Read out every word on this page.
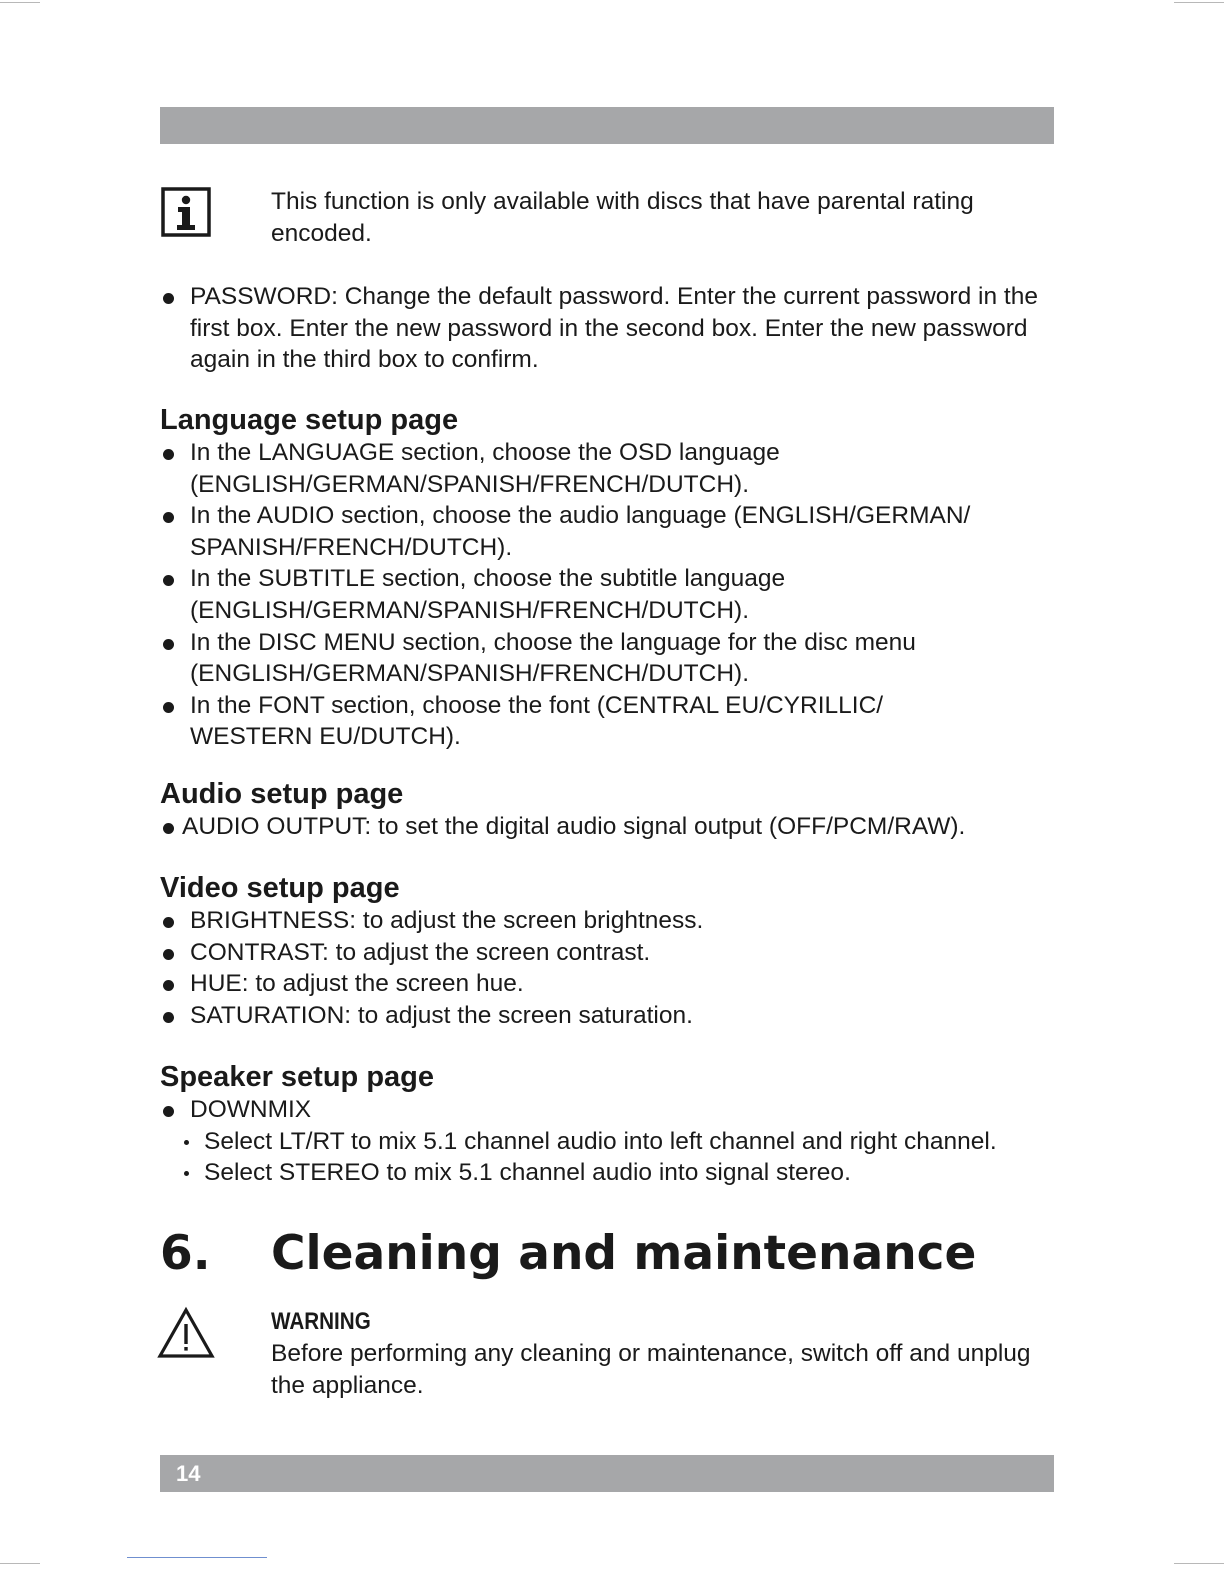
This function is only available with discs that have parental rating encoded.

PASSWORD: Change the default password. Enter the current password in the first box. Enter the new password in the second box. Enter the new password again in the third box to confirm.
Language setup page
In the LANGUAGE section, choose the OSD language
(ENGLISH/GERMAN/SPANISH/FRENCH/DUTCH).
In the AUDIO section, choose the audio language (ENGLISH/GERMAN/
SPANISH/FRENCH/DUTCH).
In the SUBTITLE section, choose the subtitle language
(ENGLISH/GERMAN/SPANISH/FRENCH/DUTCH).
In the DISC MENU section, choose the language for the disc menu
(ENGLISH/GERMAN/SPANISH/FRENCH/DUTCH).
In the FONT section, choose the font (CENTRAL EU/CYRILLIC/
WESTERN EU/DUTCH).
Audio setup page
AUDIO OUTPUT: to set the digital audio signal output (OFF/PCM/RAW).
Video setup page
BRIGHTNESS: to adjust the screen brightness.
CONTRAST: to adjust the screen contrast.
HUE: to adjust the screen hue.
SATURATION: to adjust the screen saturation.
Speaker setup page
DOWNMIX
Select LT/RT to mix 5.1 channel audio into left channel and right channel.
Select STEREO to mix 5.1 channel audio into signal stereo.
6. Cleaning and maintenance

WARNING

Before performing any cleaning or maintenance, switch off and unplug the appliance.

14
